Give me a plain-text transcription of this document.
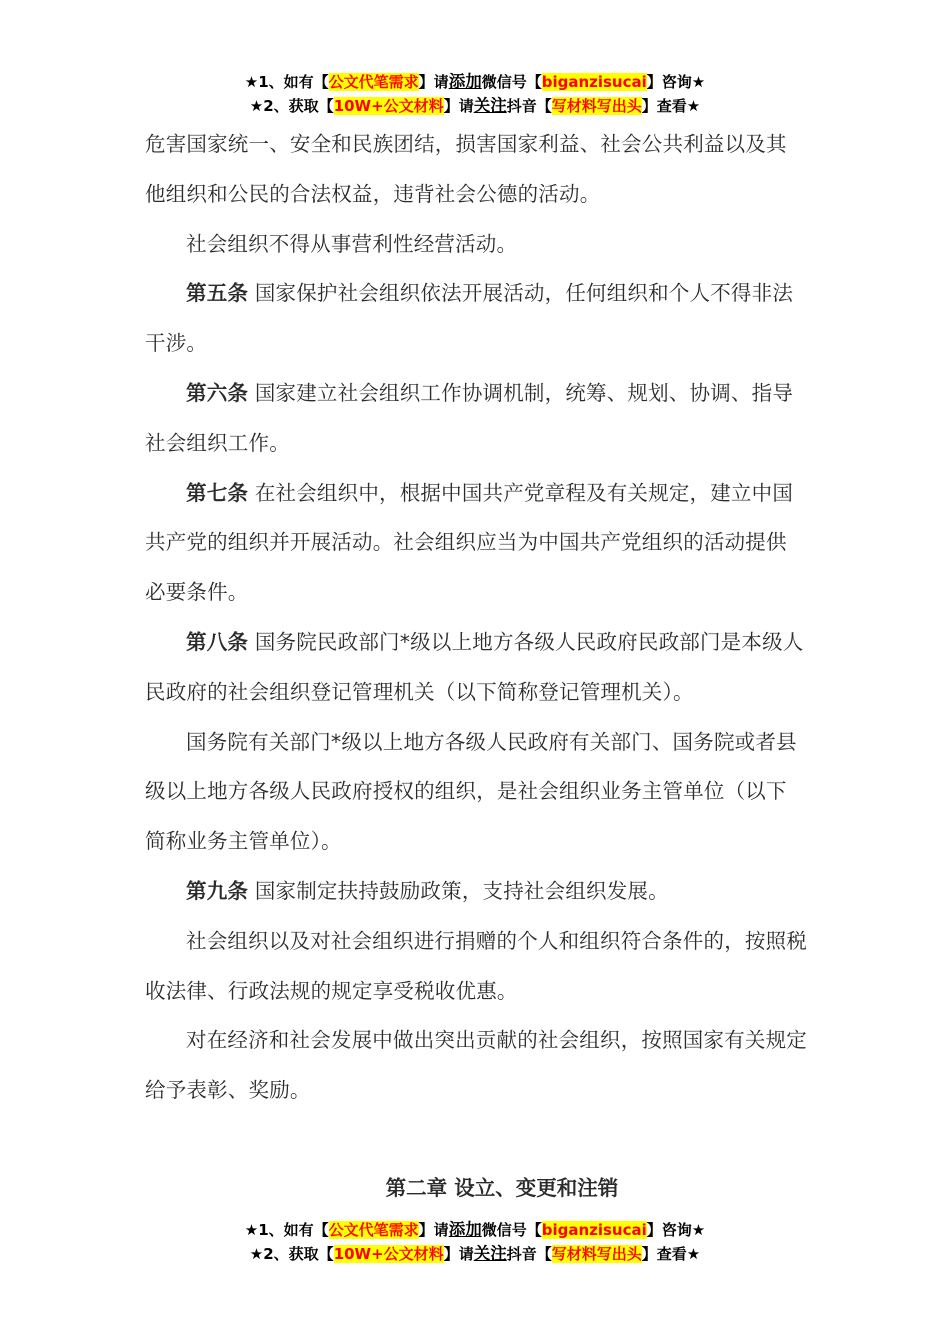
★1、如有【公文代笔需求】请添加微信号【biganzisucai】咨询★
★2、获取【10W+公文材料】请关注抖音【写材料写出头】查看★

危害国家统一、安全和民族团结，损害国家利益、社会公共利益以及其他组织和公民的合法权益，违背社会公德的活动。

社会组织不得从事营利性经营活动。

第五条 国家保护社会组织依法开展活动，任何组织和个人不得非法干涉。

第六条 国家建立社会组织工作协调机制，统筹、规划、协调、指导社会组织工作。

第七条 在社会组织中，根据中国共产党章程及有关规定，建立中国共产党的组织并开展活动。社会组织应当为中国共产党组织的活动提供必要条件。

第八条 国务院民政部门*级以上地方各级人民政府民政部门是本级人民政府的社会组织登记管理机关（以下简称登记管理机关）。

国务院有关部门*级以上地方各级人民政府有关部门、国务院或者县级以上地方各级人民政府授权的组织，是社会组织业务主管单位（以下简称业务主管单位）。

第九条 国家制定扶持鼓励政策，支持社会组织发展。

社会组织以及对社会组织进行捐赠的个人和组织符合条件的，按照税收法律、行政法规的规定享受税收优惠。

对在经济和社会发展中做出突出贡献的社会组织，按照国家有关规定给予表彰、奖励。

第二章 设立、变更和注销
★1、如有【公文代笔需求】请添加微信号【biganzisucai】咨询★
★2、获取【10W+公文材料】请关注抖音【写材料写出头】查看★
